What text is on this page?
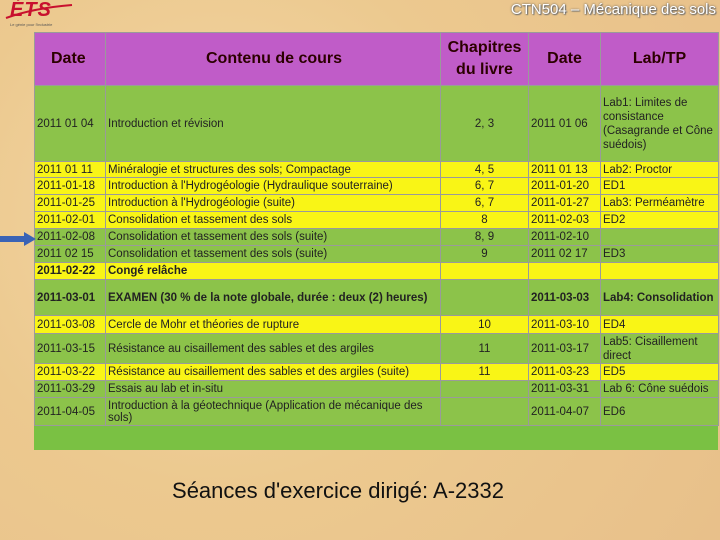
ÉTS
Le génie pour l'industrie
CTN504 – Mécanique des sols
Date	Contenu de cours	Chapitres du livre	Date	Lab/TP
2011 01 04	Introduction et révision	2, 3	2011 01 06	Lab1: Limites de consistance (Casagrande et Cône suédois)
2011 01 11	Minéralogie et structures des sols; Compactage	4, 5	2011 01 13	Lab2: Proctor
2011-01-18	Introduction à l'Hydrogéologie (Hydraulique souterraine)	6, 7	2011-01-20	ED1
2011-01-25	Introduction à l'Hydrogéologie (suite)	6, 7	2011-01-27	Lab3: Perméamètre
2011-02-01	Consolidation et tassement des sols	8	2011-02-03	ED2
2011-02-08	Consolidation et tassement des sols (suite)	8, 9	2011-02-10	
2011 02 15	Consolidation et tassement des sols (suite)	9	2011 02 17	ED3
2011-02-22	Congé relâche			
2011-03-01	EXAMEN (30 % de la note globale, durée : deux (2) heures)		2011-03-03	Lab4: Consolidation
2011-03-08	Cercle de Mohr et théories de rupture	10	2011-03-10	ED4
2011-03-15	Résistance au cisaillement des sables et des argiles	11	2011-03-17	Lab5: Cisaillement direct
2011-03-22	Résistance au cisaillement des sables et des argiles (suite)	11	2011-03-23	ED5
2011-03-29	Essais au lab et in-situ		2011-03-31	Lab 6: Cône suédois
2011-04-05	Introduction à la géotechnique (Application de mécanique des sols)		2011-04-07	ED6
Séances d'exercice dirigé: A-2332
